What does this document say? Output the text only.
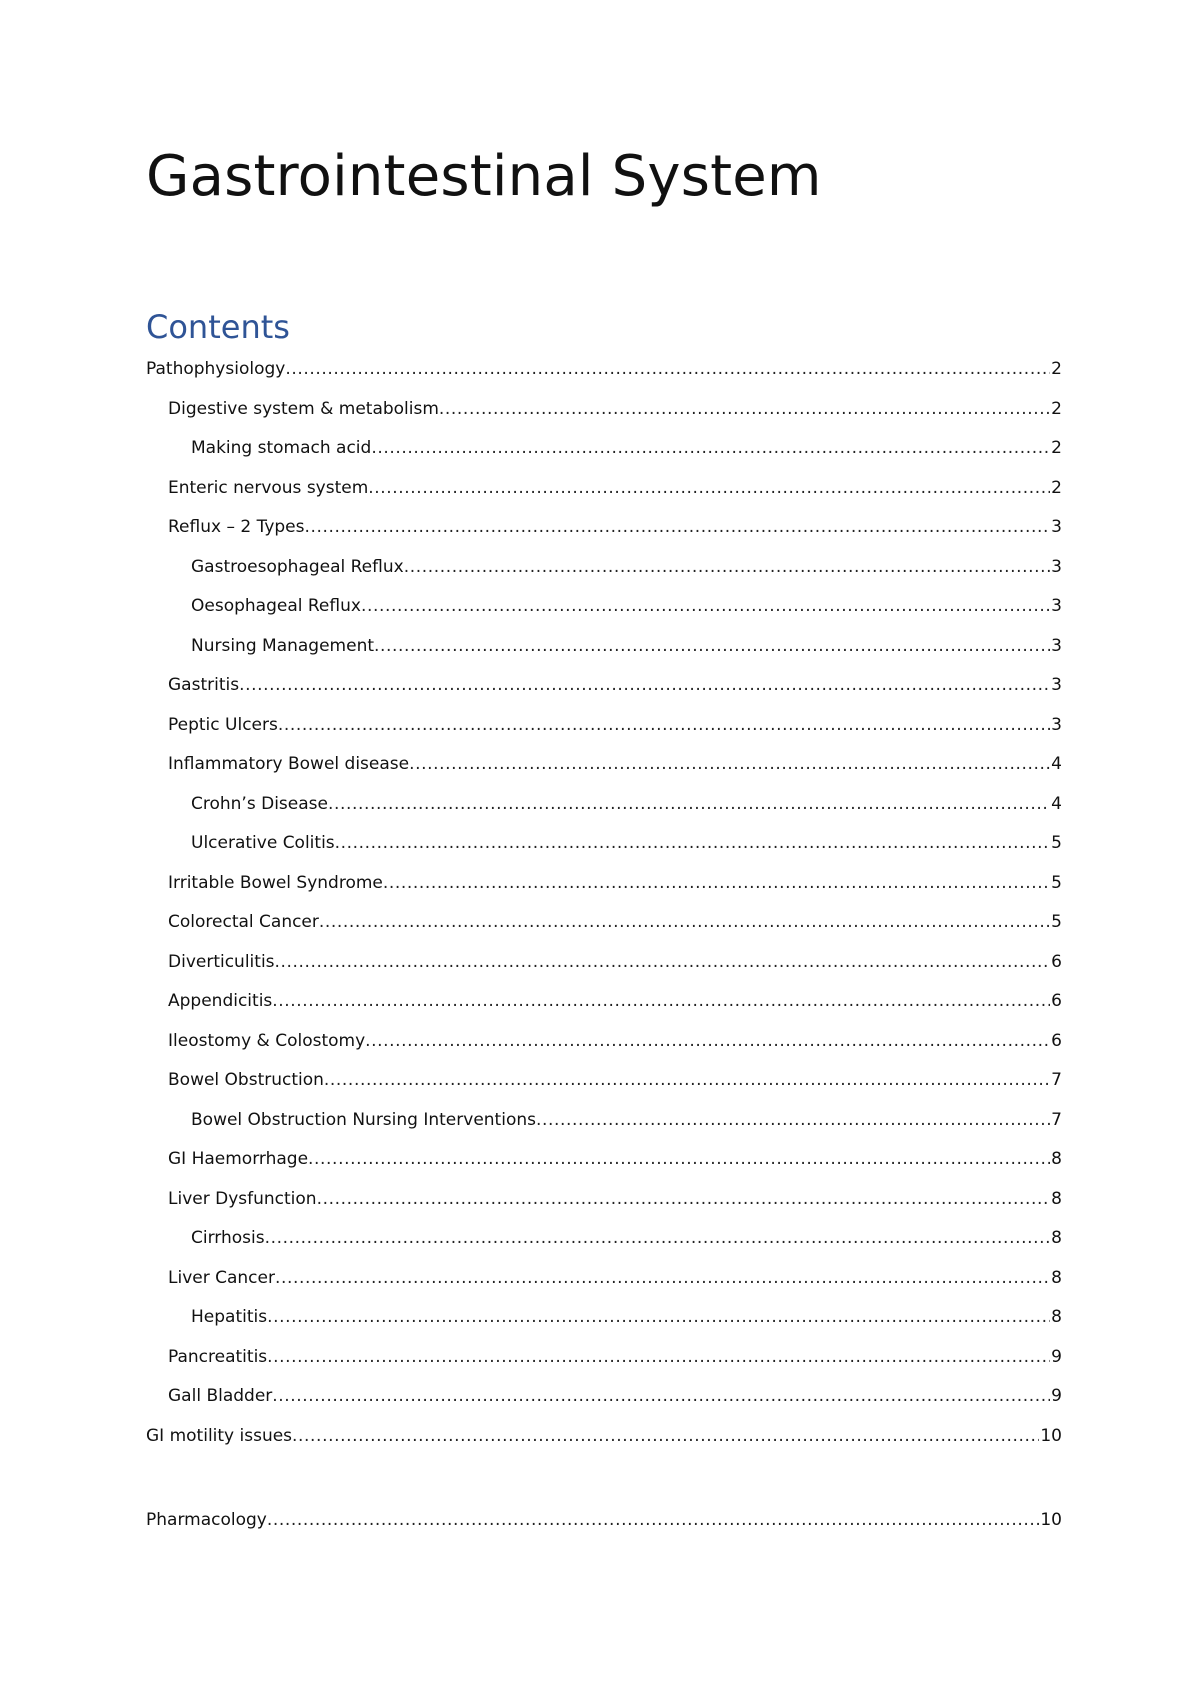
Gastrointestinal System
Contents
Pathophysiology .....	2
Digestive system & metabolism .....	2
Making stomach acid .....	2
Enteric nervous system .....	2
Reflux – 2 Types .....	3
Gastroesophageal Reflux .....	3
Oesophageal Reflux .....	3
Nursing Management .....	3
Gastritis .....	3
Peptic Ulcers .....	3
Inflammatory Bowel disease .....	4
Crohn’s Disease .....	4
Ulcerative Colitis .....	5
Irritable Bowel Syndrome .....	5
Colorectal Cancer .....	5
Diverticulitis .....	6
Appendicitis .....	6
Ileostomy & Colostomy .....	6
Bowel Obstruction .....	7
Bowel Obstruction Nursing Interventions .....	7
GI Haemorrhage .....	8
Liver Dysfunction .....	8
Cirrhosis .....	8
Liver Cancer .....	8
Hepatitis .....	8
Pancreatitis .....	9
Gall Bladder .....	9
GI motility issues .....	10
Pharmacology .....	10
